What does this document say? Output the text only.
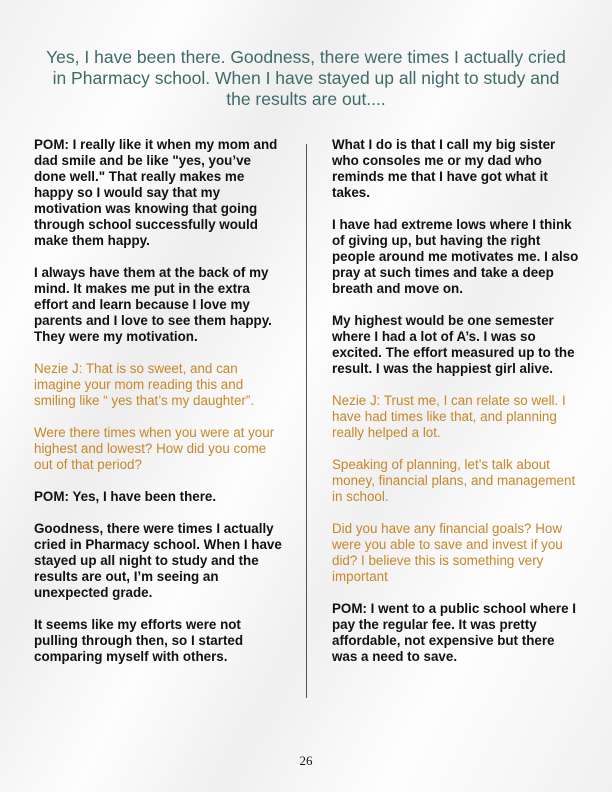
Yes, I have been there. Goodness, there were times I actually cried in Pharmacy school. When I have stayed up all night to study and the results are out....

POM: I really like it when my mom and dad smile and be like "yes, you’ve done well." That really makes me happy so I would say that my motivation was knowing that going through school successfully would make them happy.

I always have them at the back of my mind. It makes me put in the extra effort and learn because I love my parents and I love to see them happy. They were my motivation.

Nezie J: That is so sweet, and can imagine your mom reading this and smiling like “ yes that’s my daughter”.

Were there times when you were at your highest and lowest? How did you come out of that period?

POM: Yes, I have been there.

Goodness, there were times I actually cried in Pharmacy school. When I have stayed up all night to study and the results are out, I’m seeing an unexpected grade.

It seems like my efforts were not pulling through then, so I started comparing myself with others.

What I do is that I call my big sister who consoles me or my dad who reminds me that I have got what it takes.

I have had extreme lows where I think of giving up, but having the right people around me motivates me. I also pray at such times and take a deep breath and move on.

My highest would be one semester where I had a lot of A’s. I was so excited. The effort measured up to the result. I was the happiest girl alive.

Nezie J: Trust me, I can relate so well. I have had times like that, and planning really helped a lot.

Speaking of planning, let’s talk about money, financial plans, and management in school.

Did you have any financial goals? How were you able to save and invest if you did? I believe this is something very important

POM: I went to a public school where I pay the regular fee. It was pretty affordable, not expensive but there was a need to save.

26
